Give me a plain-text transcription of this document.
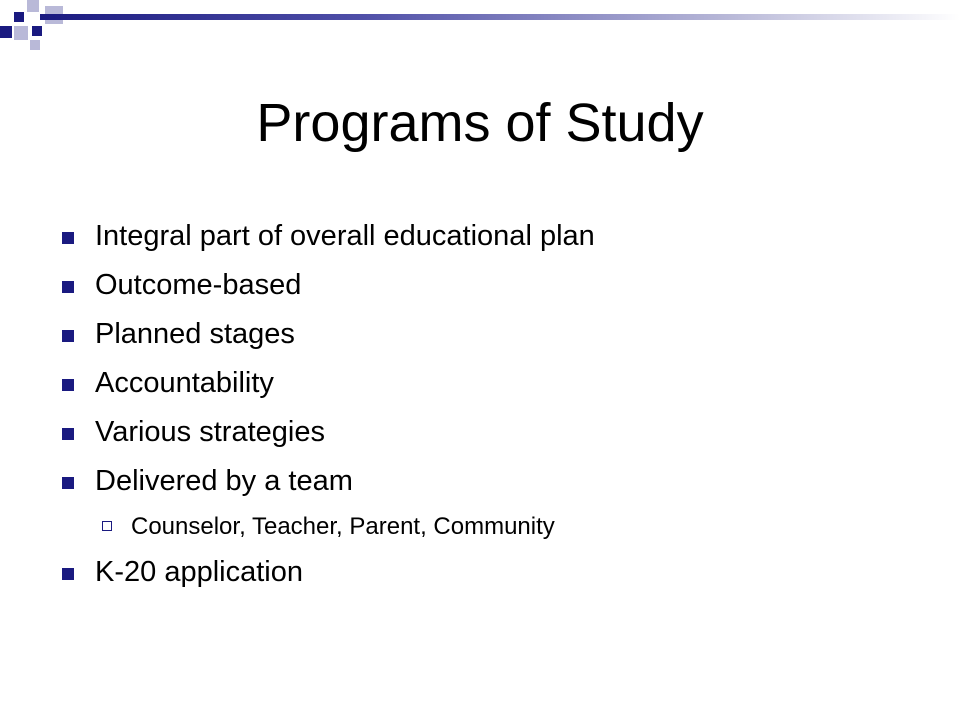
Programs of Study
Integral part of overall educational plan
Outcome-based
Planned stages
Accountability
Various strategies
Delivered by a team
Counselor, Teacher, Parent, Community
K-20 application
